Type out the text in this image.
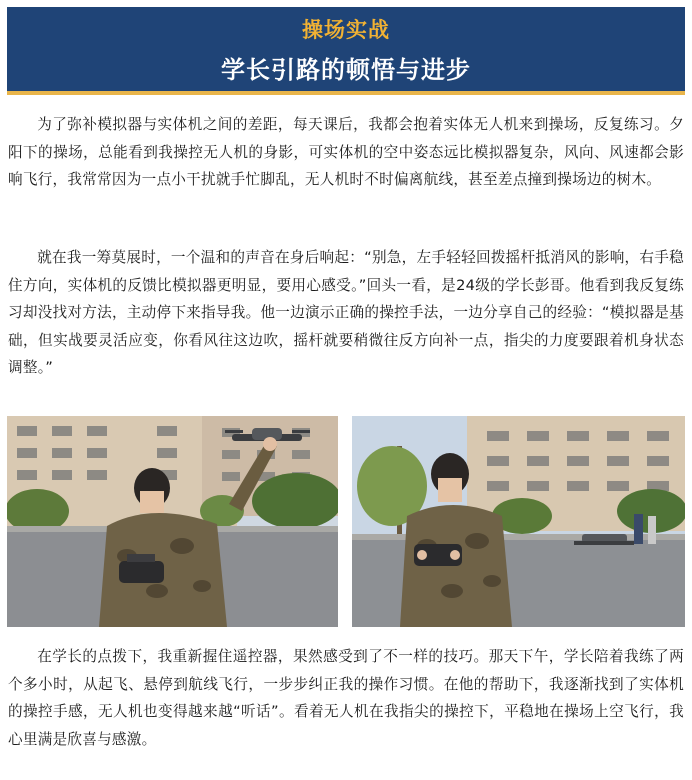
操场实战
学长引路的顿悟与进步

为了弥补模拟器与实体机之间的差距，每天课后，我都会抱着实体无人机来到操场，反复练习。夕阳下的操场，总能看到我操控无人机的身影，可实体机的空中姿态远比模拟器复杂，风向、风速都会影响飞行，我常常因为一点小干扰就手忙脚乱，无人机时不时偏离航线，甚至差点撞到操场边的树木。

就在我一筹莫展时，一个温和的声音在身后响起：“别急，左手轻轻回拨摇杆抵消风的影响，右手稳住方向，实体机的反馈比模拟器更明显，要用心感受。”回头一看，是24级的学长彭哥。他看到我反复练习却没找对方法，主动停下来指导我。他一边演示正确的操控手法，一边分享自己的经验：“模拟器是基础，但实战要灵活应变，你看风往这边吹，摇杆就要稍微往反方向补一点，指尖的力度要跟着机身状态调整。”

在学长的点拨下，我重新握住遥控器，果然感受到了不一样的技巧。那天下午，学长陪着我练了两个多小时，从起飞、悬停到航线飞行，一步步纠正我的操作习惯。在他的帮助下，我逐渐找到了实体机的操控手感，无人机也变得越来越“听话”。看着无人机在我指尖的操控下，平稳地在操场上空飞行，我心里满是欣喜与感激。
